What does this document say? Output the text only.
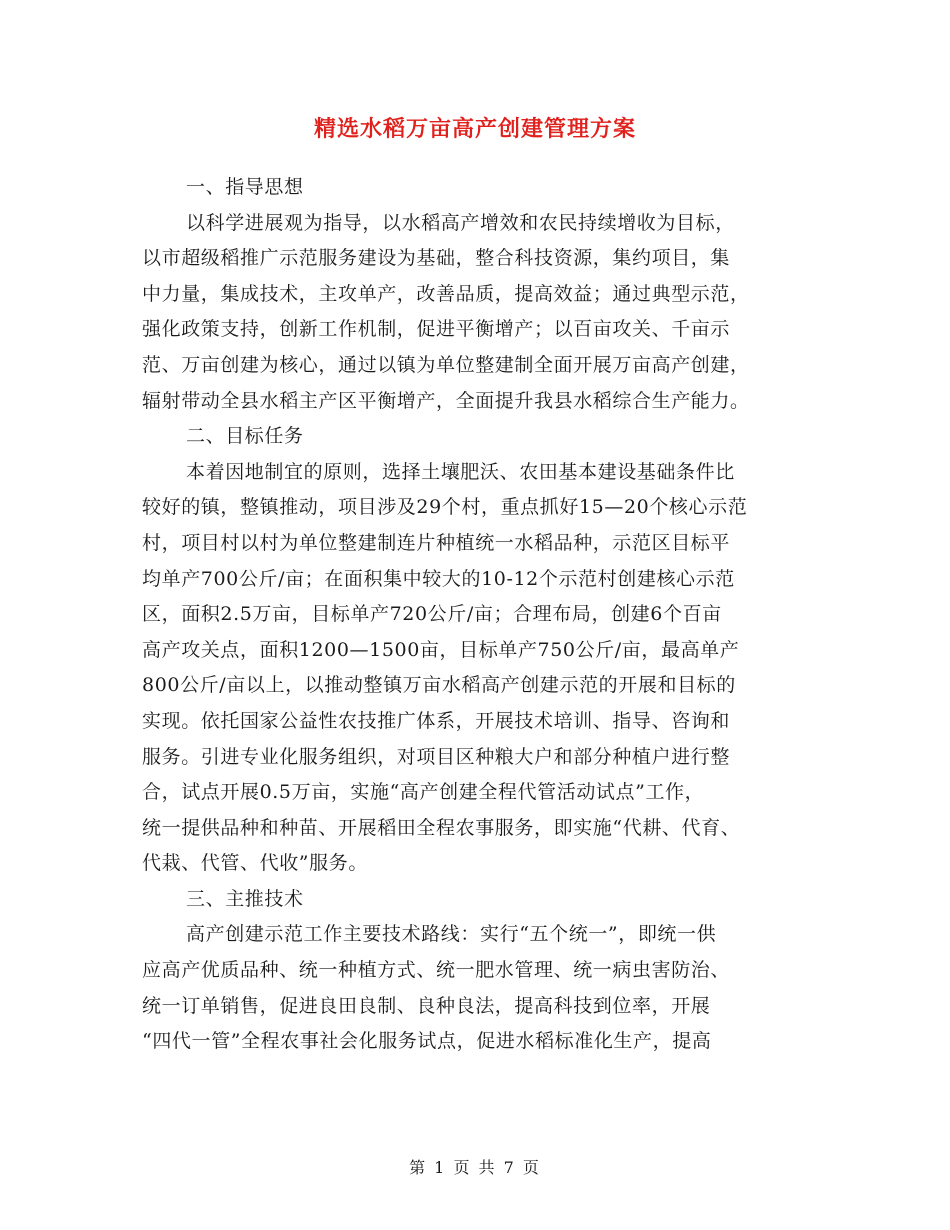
精选水稻万亩高产创建管理方案
一、指导思想
以科学进展观为指导，以水稻高产增效和农民持续增收为目标，
以市超级稻推广示范服务建设为基础，整合科技资源，集约项目，集
中力量，集成技术，主攻单产，改善品质，提高效益；通过典型示范，
强化政策支持，创新工作机制，促进平衡增产；以百亩攻关、千亩示
范、万亩创建为核心，通过以镇为单位整建制全面开展万亩高产创建，
辐射带动全县水稻主产区平衡增产，全面提升我县水稻综合生产能力。
二、目标任务
本着因地制宜的原则，选择土壤肥沃、农田基本建设基础条件比
较好的镇，整镇推动，项目涉及29个村，重点抓好15—20个核心示范
村，项目村以村为单位整建制连片种植统一水稻品种，示范区目标平
均单产700公斤/亩；在面积集中较大的10-12个示范村创建核心示范
区，面积2.5万亩，目标单产720公斤/亩；合理布局，创建6个百亩
高产攻关点，面积1200—1500亩，目标单产750公斤/亩，最高单产
800公斤/亩以上，以推动整镇万亩水稻高产创建示范的开展和目标的
实现。依托国家公益性农技推广体系，开展技术培训、指导、咨询和
服务。引进专业化服务组织，对项目区种粮大户和部分种植户进行整
合，试点开展0.5万亩，实施“高产创建全程代管活动试点”工作，
统一提供品种和种苗、开展稻田全程农事服务，即实施“代耕、代育、
代栽、代管、代收”服务。
三、主推技术
高产创建示范工作主要技术路线：实行“五个统一”，即统一供
应高产优质品种、统一种植方式、统一肥水管理、统一病虫害防治、
统一订单销售，促进良田良制、良种良法，提高科技到位率，开展
“四代一管”全程农事社会化服务试点，促进水稻标准化生产，提高
第 1 页 共 7 页
